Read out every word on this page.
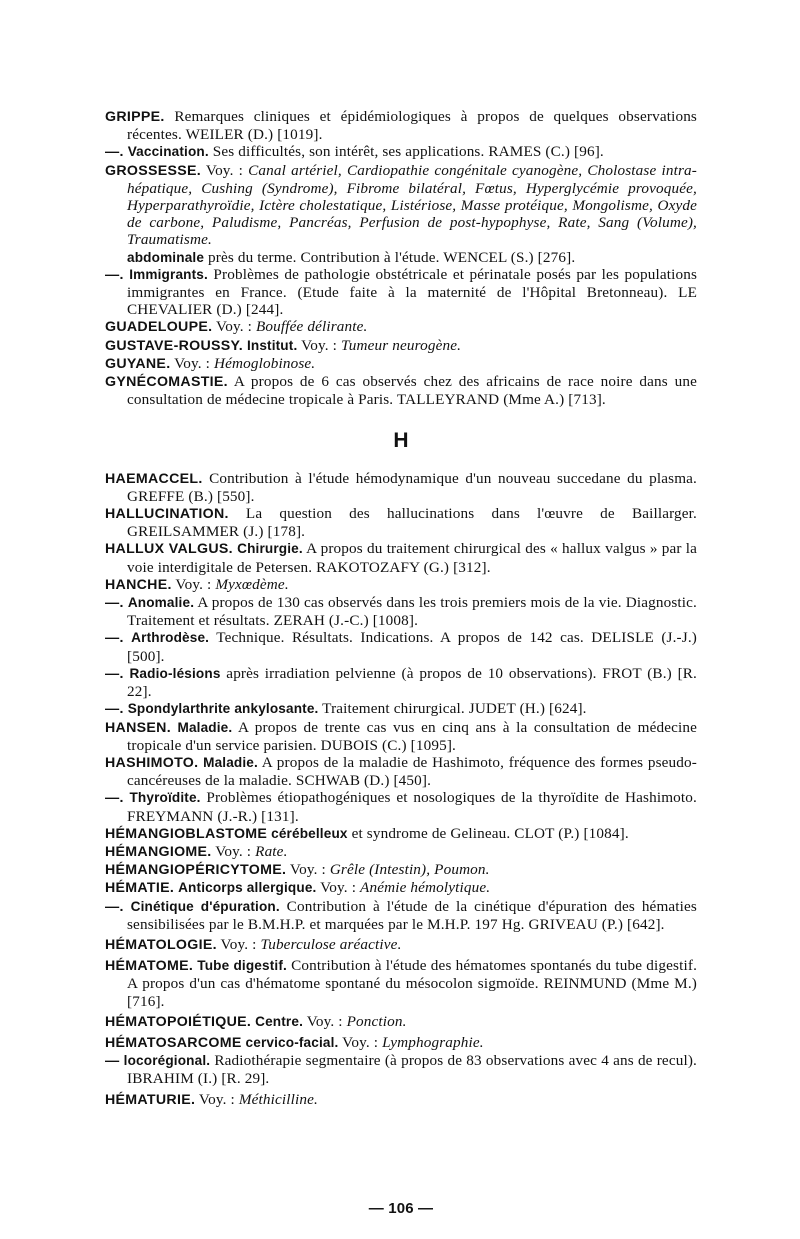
GRIPPE. Remarques cliniques et épidémiologiques à propos de quelques observations récentes. WEILER (D.) [1019].

—. Vaccination. Ses difficultés, son intérêt, ses applications. RAMES (C.) [96].

GROSSESSE. Voy. : Canal artériel, Cardiopathie congénitale cyanogène, Cholostase intra-hépatique, Cushing (Syndrome), Fibrome bilatéral, Fœtus, Hyperglycémie provoquée, Hyperparathyroïdie, Ictère cholestatique, Listériose, Masse protéique, Mongolisme, Oxyde de carbone, Paludisme, Pancréas, Perfusion de post-hypophyse, Rate, Sang (Volume), Traumatisme.

abdominale près du terme. Contribution à l'étude. WENCEL (S.) [276].

—. Immigrants. Problèmes de pathologie obstétricale et périnatale posés par les populations immigrantes en France. (Etude faite à la maternité de l'Hôpital Bretonneau). LE CHEVALIER (D.) [244].

GUADELOUPE. Voy. : Bouffée délirante.

GUSTAVE-ROUSSY. Institut. Voy. : Tumeur neurogène.

GUYANE. Voy. : Hémoglobinose.

GYNÉCOMASTIE. A propos de 6 cas observés chez des africains de race noire dans une consultation de médecine tropicale à Paris. TALLEYRAND (Mme A.) [713].

H

HAEMACCEL. Contribution à l'étude hémodynamique d'un nouveau succedane du plasma. GREFFE (B.) [550].

HALLUCINATION. La question des hallucinations dans l'œuvre de Baillarger. GREILSAMMER (J.) [178].

HALLUX VALGUS. Chirurgie. A propos du traitement chirurgical des « hallux valgus » par la voie interdigitale de Petersen. RAKOTOZAFY (G.) [312].

HANCHE. Voy. : Myxœdème.

—. Anomalie. A propos de 130 cas observés dans les trois premiers mois de la vie. Diagnostic. Traitement et résultats. ZERAH (J.-C.) [1008].

—. Arthrodèse. Technique. Résultats. Indications. A propos de 142 cas. DELISLE (J.-J.) [500].

—. Radio-lésions après irradiation pelvienne (à propos de 10 observations). FROT (B.) [R. 22].

—. Spondylarthrite ankylosante. Traitement chirurgical. JUDET (H.) [624].

HANSEN. Maladie. A propos de trente cas vus en cinq ans à la consultation de médecine tropicale d'un service parisien. DUBOIS (C.) [1095].

HASHIMOTO. Maladie. A propos de la maladie de Hashimoto, fréquence des formes pseudo-cancéreuses de la maladie. SCHWAB (D.) [450].

—. Thyroïdite. Problèmes étiopathogéniques et nosologiques de la thyroïdite de Hashimoto. FREYMANN (J.-R.) [131].

HÉMANGIOBLASTOME cérébelleux et syndrome de Gelineau. CLOT (P.) [1084].

HÉMANGIOME. Voy. : Rate.

HÉMANGIOPÉRICYTOME. Voy. : Grêle (Intestin), Poumon.

HÉMATIE. Anticorps allergique. Voy. : Anémie hémolytique.

—. Cinétique d'épuration. Contribution à l'étude de la cinétique d'épuration des hématies sensibilisées par le B.M.H.P. et marquées par le M.H.P. 197 Hg. GRIVEAU (P.) [642].

HÉMATOLOGIE. Voy. : Tuberculose aréactive.

HÉMATOME. Tube digestif. Contribution à l'étude des hématomes spontanés du tube digestif. A propos d'un cas d'hématome spontané du mésocolon sigmoïde. REINMUND (Mme M.) [716].

HÉMATOPOIÉTIQUE. Centre. Voy. : Ponction.

HÉMATOSARCOME cervico-facial. Voy. : Lymphographie.

— locorégional. Radiothérapie segmentaire (à propos de 83 observations avec 4 ans de recul). IBRAHIM (I.) [R. 29].

HÉMATURIE. Voy. : Méthicilline.

— 106 —
